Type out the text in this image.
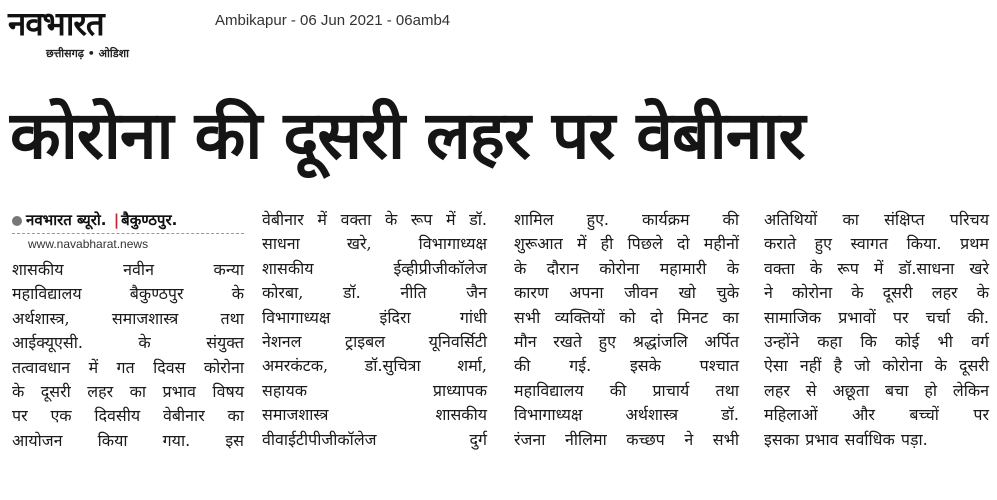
नवभारत
छत्तीसगढ़ • ओडिशा
Ambikapur - 06 Jun 2021 - 06amb4
कोरोना की दूसरी लहर पर वेबीनार
नवभारत ब्यूरो. | बैकुण्ठपुर.
www.navabharat.news

शासकीय नवीन कन्या

महाविद्यालय बैकुण्ठपुर के

अर्थशास्त्र, समाजशास्त्र तथा

आईक्यूएसी. के संयुक्त

तत्वावधान में गत दिवस कोरोना

के दूसरी लहर का प्रभाव विषय

पर एक दिवसीय वेबीनार का

आयोजन किया गया. इस

वेबीनार में वक्ता के रूप में डॉ.

साधना खरे, विभागाध्यक्ष

शासकीय ईव्हीप्रीजीकॉलेज

कोरबा, डॉ. नीति जैन

विभागाध्यक्ष इंदिरा गांधी

नेशनल ट्राइबल यूनिवर्सिटी

अमरकंटक, डॉ.सुचित्रा शर्मा,

सहायक प्राध्यापक

समाजशास्त्र शासकीय

वीवाईटीपीजीकॉलेज दुर्ग

शामिल हुए. कार्यक्रम की

शुरूआत में ही पिछले दो महीनों

के दौरान कोरोना महामारी के

कारण अपना जीवन खो चुके

सभी व्यक्तियों को दो मिनट का

मौन रखते हुए श्रद्धांजलि अर्पित

की गई. इसके पश्चात

महाविद्यालय की प्राचार्य तथा

विभागाध्यक्ष अर्थशास्त्र डॉ.

रंजना नीलिमा कच्छप ने सभी

अतिथियों का संक्षिप्त परिचय

कराते हुए स्वागत किया. प्रथम

वक्ता के रूप में डॉ.साधना खरे

ने कोरोना के दूसरी लहर के

सामाजिक प्रभावों पर चर्चा की.

उन्होंने कहा कि कोई भी वर्ग

ऐसा नहीं है जो कोरोना के दूसरी

लहर से अछूता बचा हो लेकिन

महिलाओं और बच्चों पर

इसका प्रभाव सर्वाधिक पड़ा.
